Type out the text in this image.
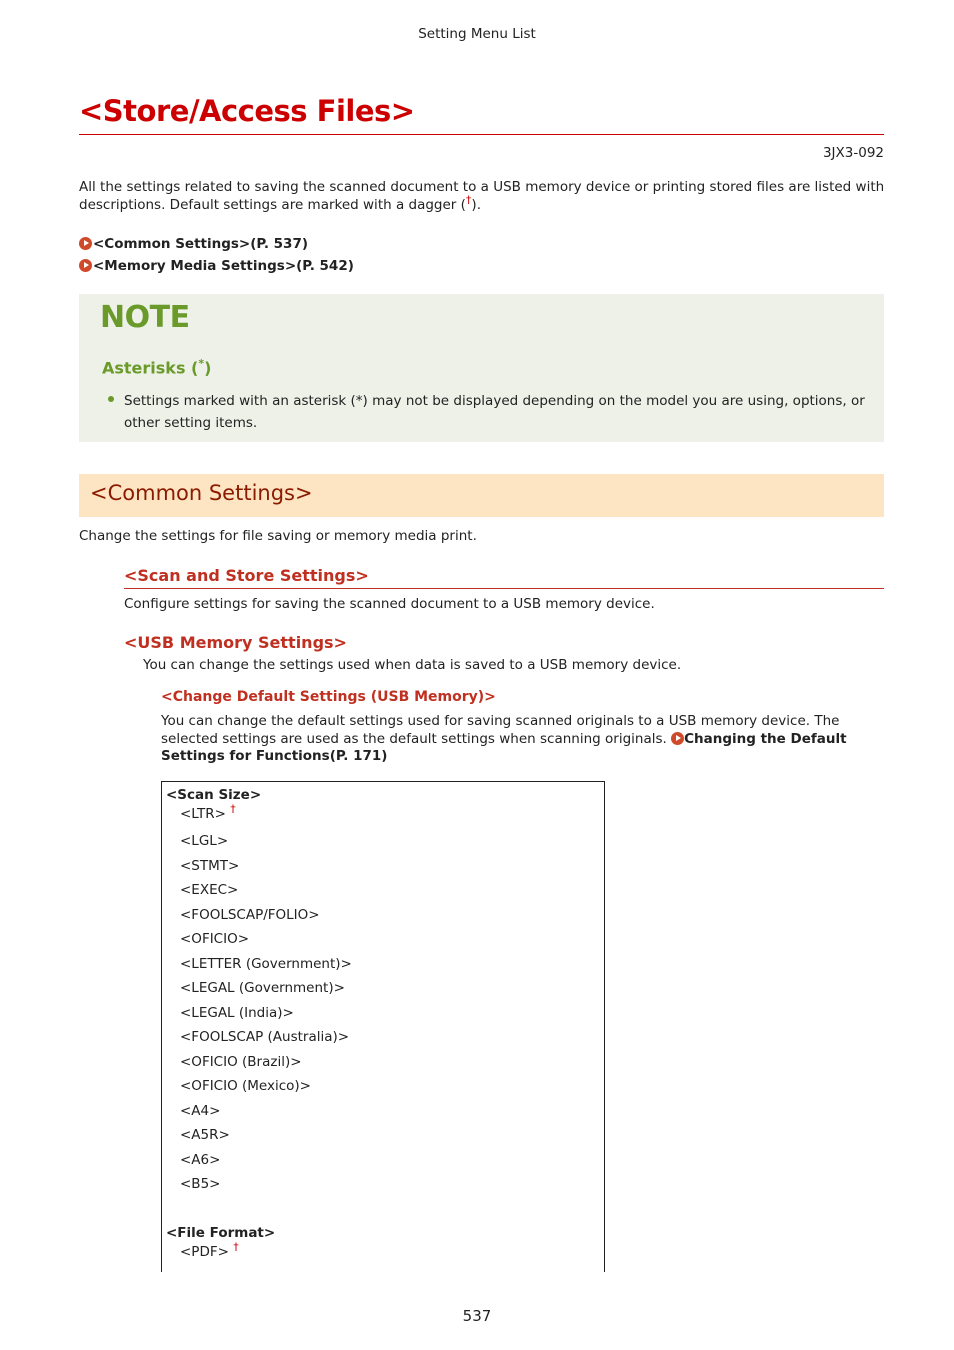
Setting Menu List
<Store/Access Files>
3JX3-092
All the settings related to saving the scanned document to a USB memory device or printing stored files are listed with descriptions. Default settings are marked with a dagger (†).
<Common Settings>(P. 537)
<Memory Media Settings>(P. 542)
NOTE
Asterisks (*)
Settings marked with an asterisk (*) may not be displayed depending on the model you are using, options, or other setting items.
<Common Settings>
Change the settings for file saving or memory media print.
<Scan and Store Settings>
Configure settings for saving the scanned document to a USB memory device.
<USB Memory Settings>
You can change the settings used when data is saved to a USB memory device.
<Change Default Settings (USB Memory)>
You can change the default settings used for saving scanned originals to a USB memory device. The selected settings are used as the default settings when scanning originals. Changing the Default Settings for Functions(P. 171)
<Scan Size>
<LTR> †
<LGL>
<STMT>
<EXEC>
<FOOLSCAP/FOLIO>
<OFICIO>
<LETTER (Government)>
<LEGAL (Government)>
<LEGAL (India)>
<FOOLSCAP (Australia)>
<OFICIO (Brazil)>
<OFICIO (Mexico)>
<A4>
<A5R>
<A6>
<B5>
<File Format>
<PDF> †
537
